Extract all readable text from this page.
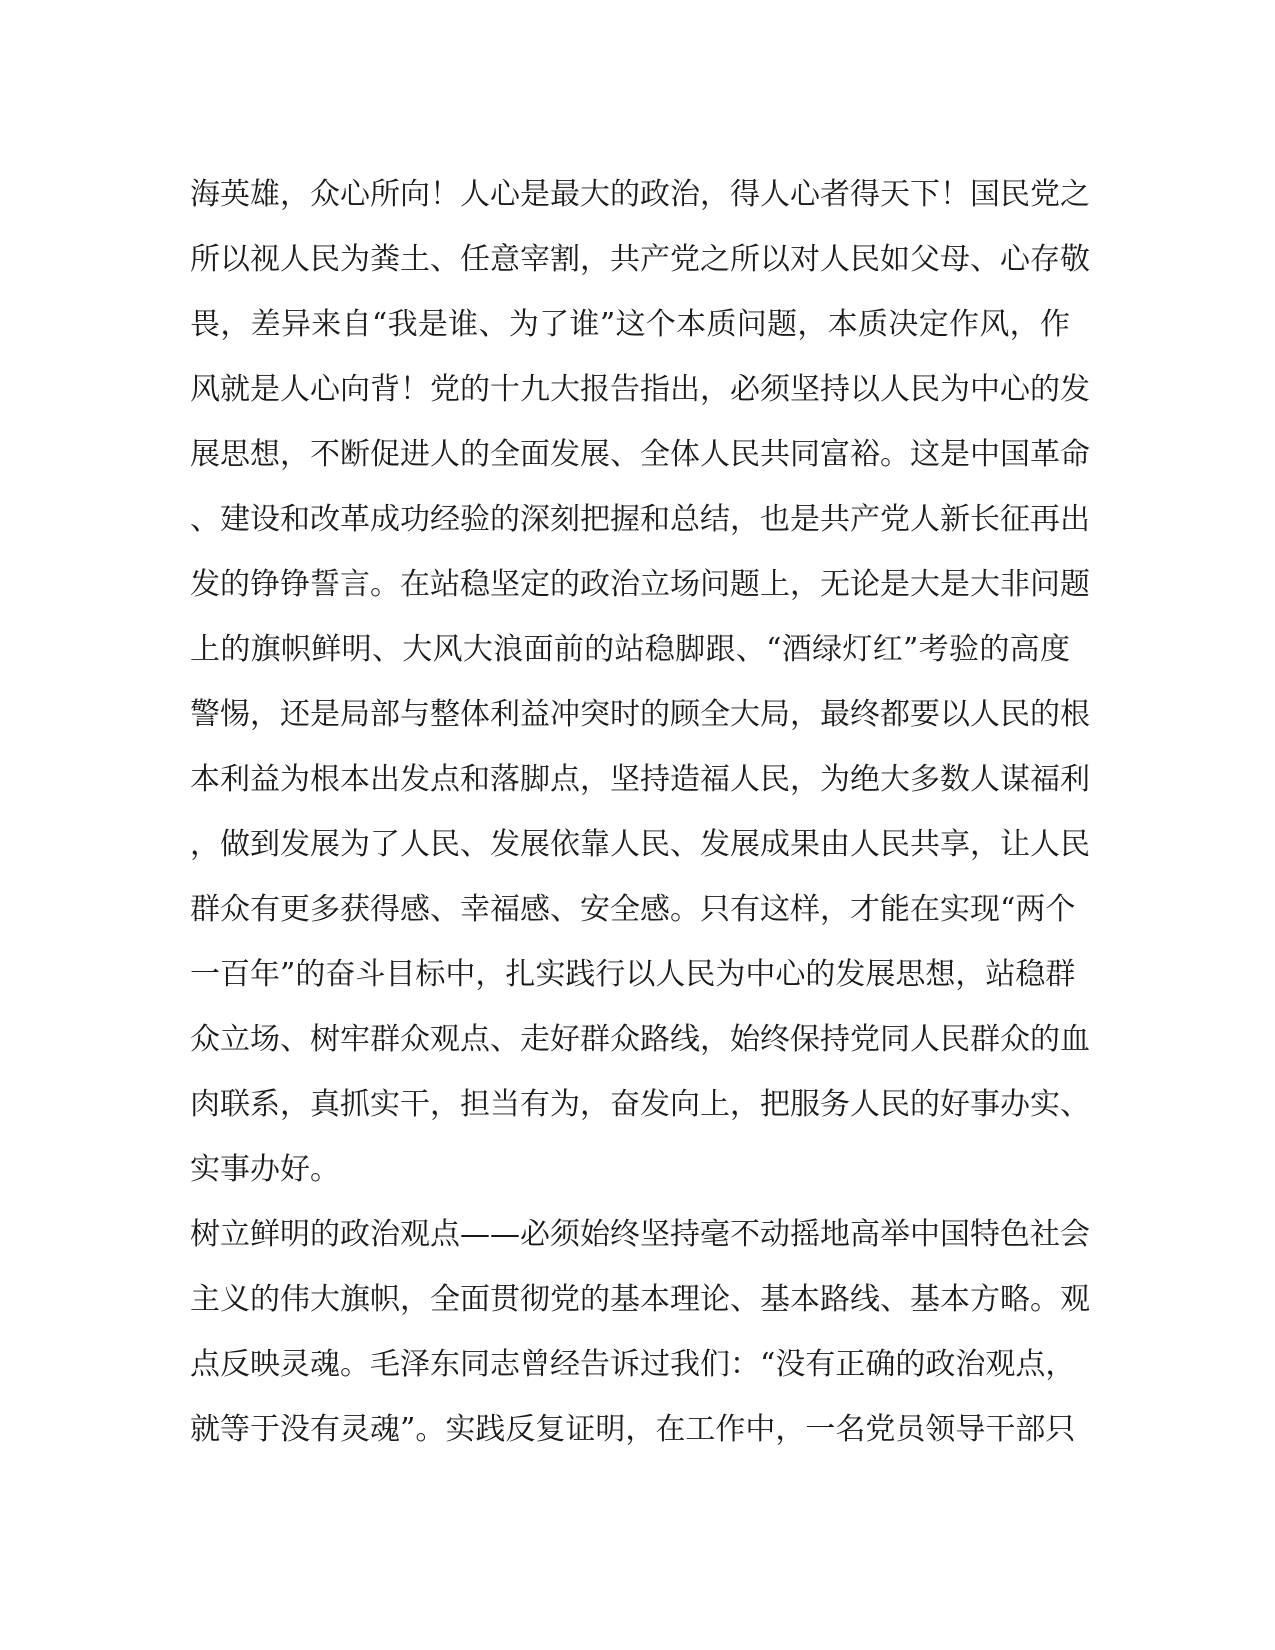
海英雄，众心所向！人心是最大的政治，得人心者得天下！国民党之
所以视人民为粪土、任意宰割，共产党之所以对人民如父母、心存敬
畏，差异来自“我是谁、为了谁”这个本质问题，本质决定作风，作
风就是人心向背！党的十九大报告指出，必须坚持以人民为中心的发
展思想，不断促进人的全面发展、全体人民共同富裕。这是中国革命
、建设和改革成功经验的深刻把握和总结，也是共产党人新长征再出
发的铮铮誓言。在站稳坚定的政治立场问题上，无论是大是大非问题
上的旗帜鲜明、大风大浪面前的站稳脚跟、“酒绿灯红”考验的高度
警惕，还是局部与整体利益冲突时的顾全大局，最终都要以人民的根
本利益为根本出发点和落脚点，坚持造福人民，为绝大多数人谋福利
，做到发展为了人民、发展依靠人民、发展成果由人民共享，让人民
群众有更多获得感、幸福感、安全感。只有这样，才能在实现“两个
一百年”的奋斗目标中，扎实践行以人民为中心的发展思想，站稳群
众立场、树牢群众观点、走好群众路线，始终保持党同人民群众的血
肉联系，真抓实干，担当有为，奋发向上，把服务人民的好事办实、
实事办好。
树立鲜明的政治观点——必须始终坚持毫不动摇地高举中国特色社会
主义的伟大旗帜，全面贯彻党的基本理论、基本路线、基本方略。观
点反映灵魂。毛泽东同志曾经告诉过我们：“没有正确的政治观点，
就等于没有灵魂”。实践反复证明，在工作中，一名党员领导干部只
